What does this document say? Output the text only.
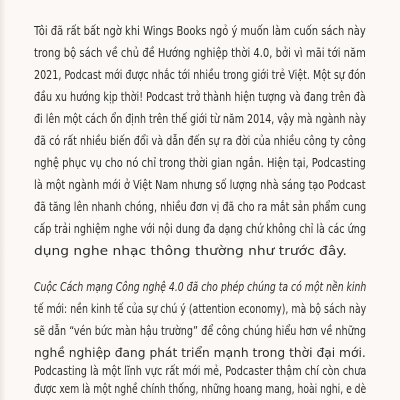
Tôi đã rất bất ngờ khi Wings Books ngỏ ý muốn làm cuốn sách này
trong bộ sách về chủ đề Hướng nghiệp thời 4.0, bởi vì mãi tới năm
2021, Podcast mới được nhắc tới nhiều trong giới trẻ Việt. Một sự đón
đầu xu hướng kịp thời! Podcast trở thành hiện tượng và đang trên đà
đi lên một cách ổn định trên thế giới từ năm 2014, vậy mà ngành này
đã có rất nhiều biến đổi và dẫn đến sự ra đời của nhiều công ty công
nghệ phục vụ cho nó chỉ trong thời gian ngắn. Hiện tại, Podcasting
là một ngành mới ở Việt Nam nhưng số lượng nhà sáng tạo Podcast
đã tăng lên nhanh chóng, nhiều đơn vị đã cho ra mắt sản phẩm cung
cấp trải nghiệm nghe với nội dung đa dạng chứ không chỉ là các ứng
dụng nghe nhạc thông thường như trước đây.
Cuộc Cách mạng Công nghệ 4.0 đã cho phép chúng ta có một nền kinh
tế mới: nền kinh tế của sự chú ý (attention economy), mà bộ sách này
sẽ dẫn “vén bức màn hậu trường” để công chúng hiểu hơn về những
nghề nghiệp đang phát triển mạnh trong thời đại mới.
Podcasting là một lĩnh vực rất mới mẻ, Podcaster thậm chí còn chưa
được xem là một nghề chính thống, những hoang mang, hoài nghi, e dè
